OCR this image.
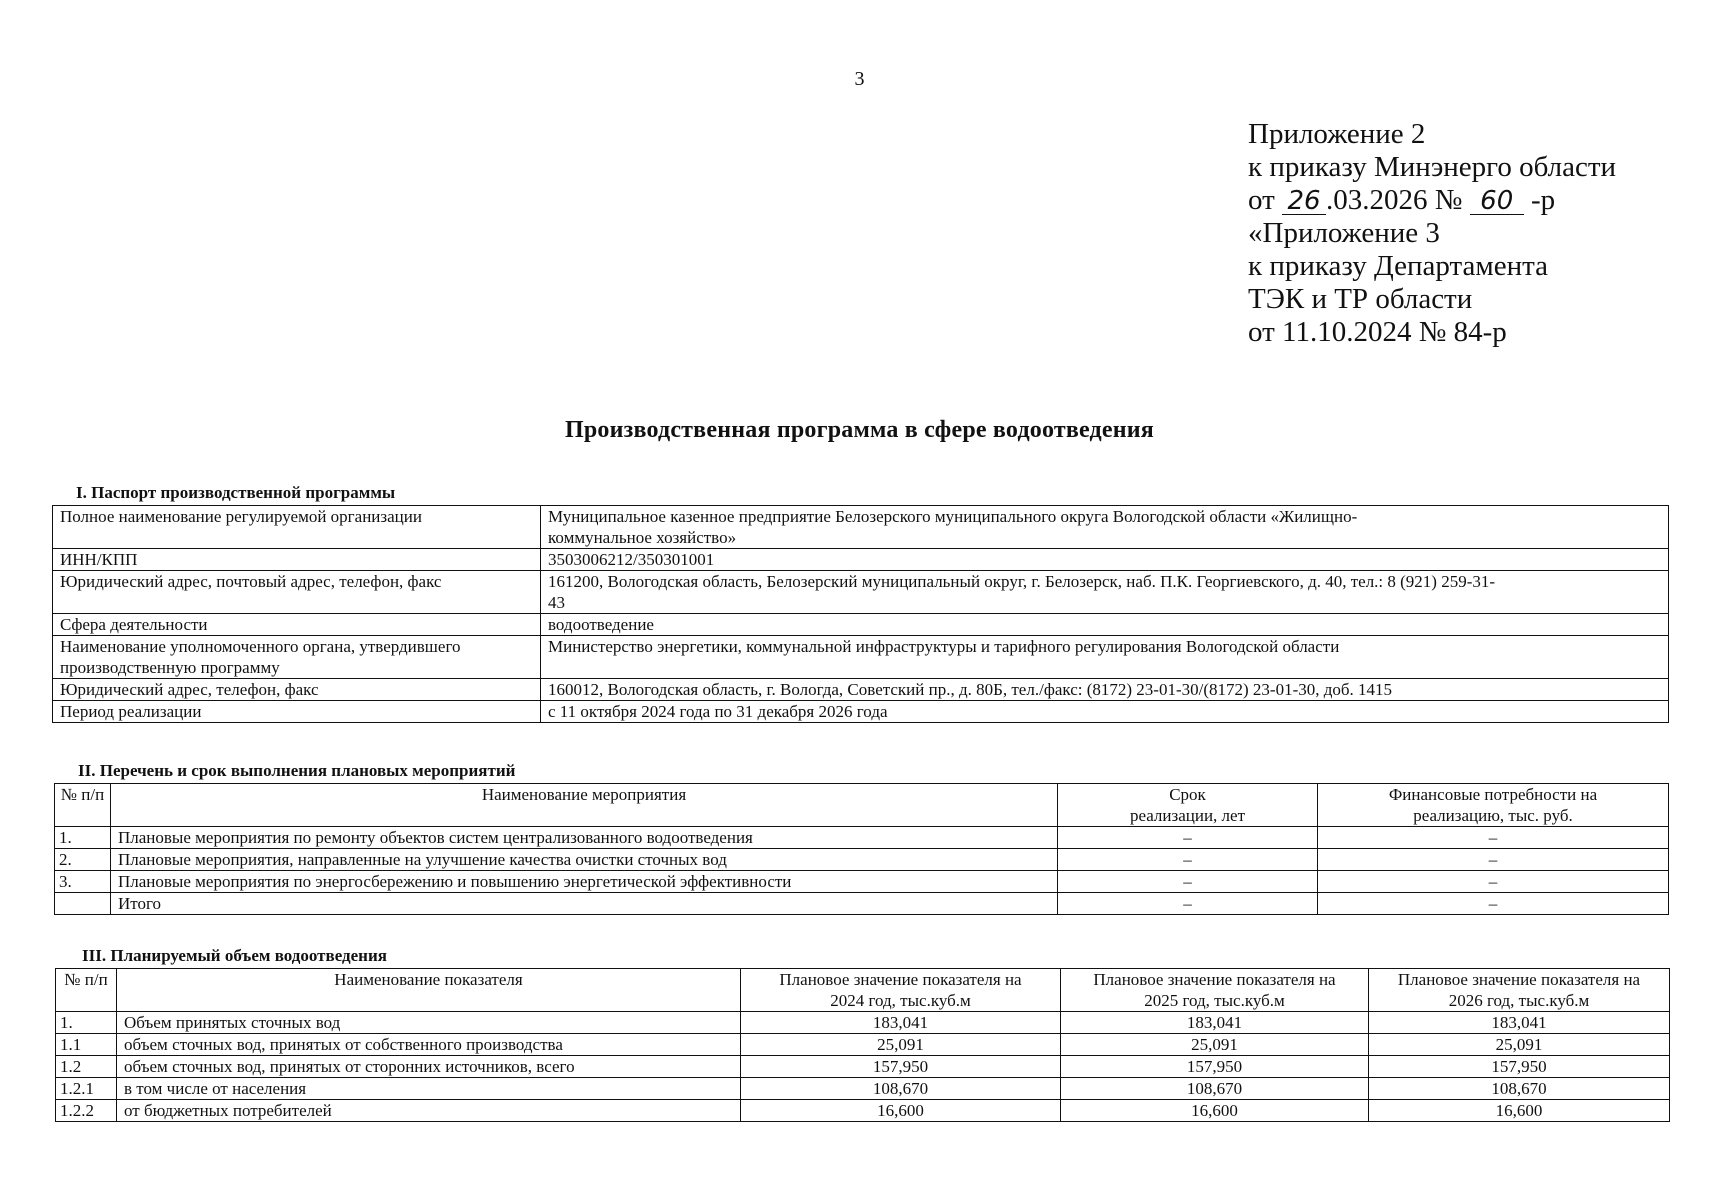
3
Приложение 2
к приказу Минэнерго области
от 26 .03.2026 № 60 -р
«Приложение 3
к приказу Департамента
ТЭК и ТР области
от 11.10.2024 № 84-р
Производственная программа в сфере водоотведения
I. Паспорт производственной программы
Полное наименование регулируемой организации	Муниципальное казенное предприятие Белозерского муниципального округа Вологодской области «Жилищно-коммунальное хозяйство»
ИНН/КПП	3503006212/350301001
Юридический адрес, почтовый адрес, телефон, факс	161200, Вологодская область, Белозерский муниципальный округ, г. Белозерск, наб. П.К. Георгиевского, д. 40, тел.: 8 (921) 259-31-43
Сфера деятельности	водоотведение
Наименование уполномоченного органа, утвердившего производственную программу	Министерство энергетики, коммунальной инфраструктуры и тарифного регулирования Вологодской области
Юридический адрес, телефон, факс	160012, Вологодская область, г. Вологда, Советский пр., д. 80Б, тел./факс: (8172) 23-01-30/(8172) 23-01-30, доб. 1415
Период реализации	с 11 октября 2024 года по 31 декабря 2026 года
II. Перечень и срок выполнения плановых мероприятий
№ п/п	Наименование мероприятия	Срок реализации, лет	Финансовые потребности на реализацию, тыс. руб.
1.	Плановые мероприятия по ремонту объектов систем централизованного водоотведения	–	–
2.	Плановые мероприятия, направленные на улучшение качества очистки сточных вод	–	–
3.	Плановые мероприятия по энергосбережению и повышению энергетической эффективности	–	–
	Итого	–	–
III. Планируемый объем водоотведения
№ п/п	Наименование показателя	Плановое значение показателя на 2024 год, тыс.куб.м	Плановое значение показателя на 2025 год, тыс.куб.м	Плановое значение показателя на 2026 год, тыс.куб.м
1.	Объем принятых сточных вод	183,041	183,041	183,041
1.1	объем сточных вод, принятых от собственного производства	25,091	25,091	25,091
1.2	объем сточных вод, принятых от сторонних источников, всего	157,950	157,950	157,950
1.2.1	в том числе от населения	108,670	108,670	108,670
1.2.2	от бюджетных потребителей	16,600	16,600	16,600
